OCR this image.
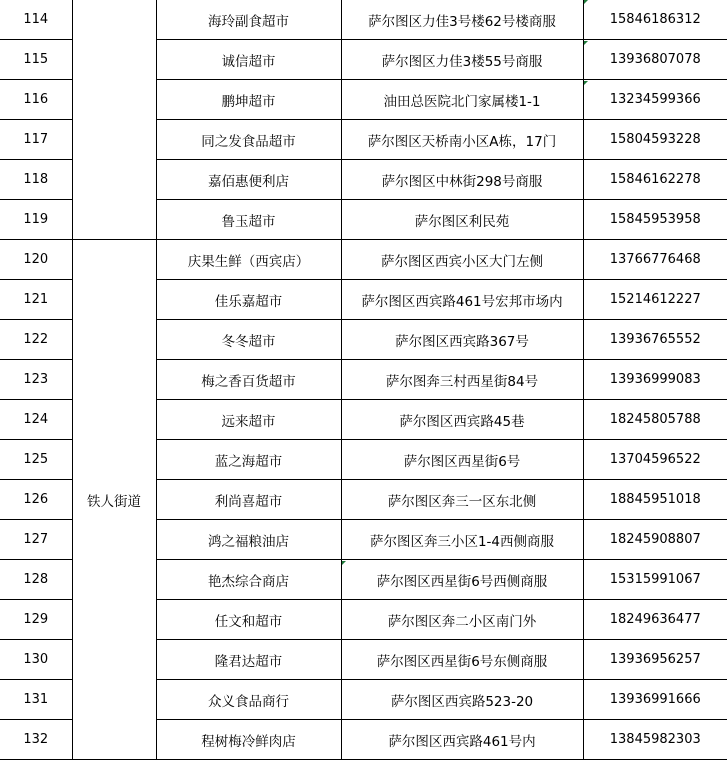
114		海玲副食超市	萨尔图区力佳3号楼62号楼商服	15846186312
115		诚信超市	萨尔图区力佳3楼55号商服	13936807078
116		鹏坤超市	油田总医院北门家属楼1-1	13234599366
117		同之发食品超市	萨尔图区天桥南小区A栋，17门	15804593228
118		嘉佰惠便利店	萨尔图区中林街298号商服	15846162278
119		鲁玉超市	萨尔图区利民苑	15845953958
120	铁人街道	庆果生鲜（西宾店）	萨尔图区西宾小区大门左侧	13766776468
121		佳乐嘉超市	萨尔图区西宾路461号宏邦市场内	15214612227
122		冬冬超市	萨尔图区西宾路367号	13936765552
123		梅之香百货超市	萨尔图奔三村西星街84号	13936999083
124		远来超市	萨尔图区西宾路45巷	18245805788
125		蓝之海超市	萨尔图区西星街6号	13704596522
126		利尚喜超市	萨尔图区奔三一区东北侧	18845951018
127		鸿之福粮油店	萨尔图区奔三小区1-4西侧商服	18245908807
128		艳杰综合商店	萨尔图区西星街6号西侧商服	15315991067
129		任文和超市	萨尔图区奔二小区南门外	18249636477
130		隆君达超市	萨尔图区西星街6号东侧商服	13936956257
131		众义食品商行	萨尔图区西宾路523-20	13936991666
132		程树梅冷鲜肉店	萨尔图区西宾路461号内	13845982303
